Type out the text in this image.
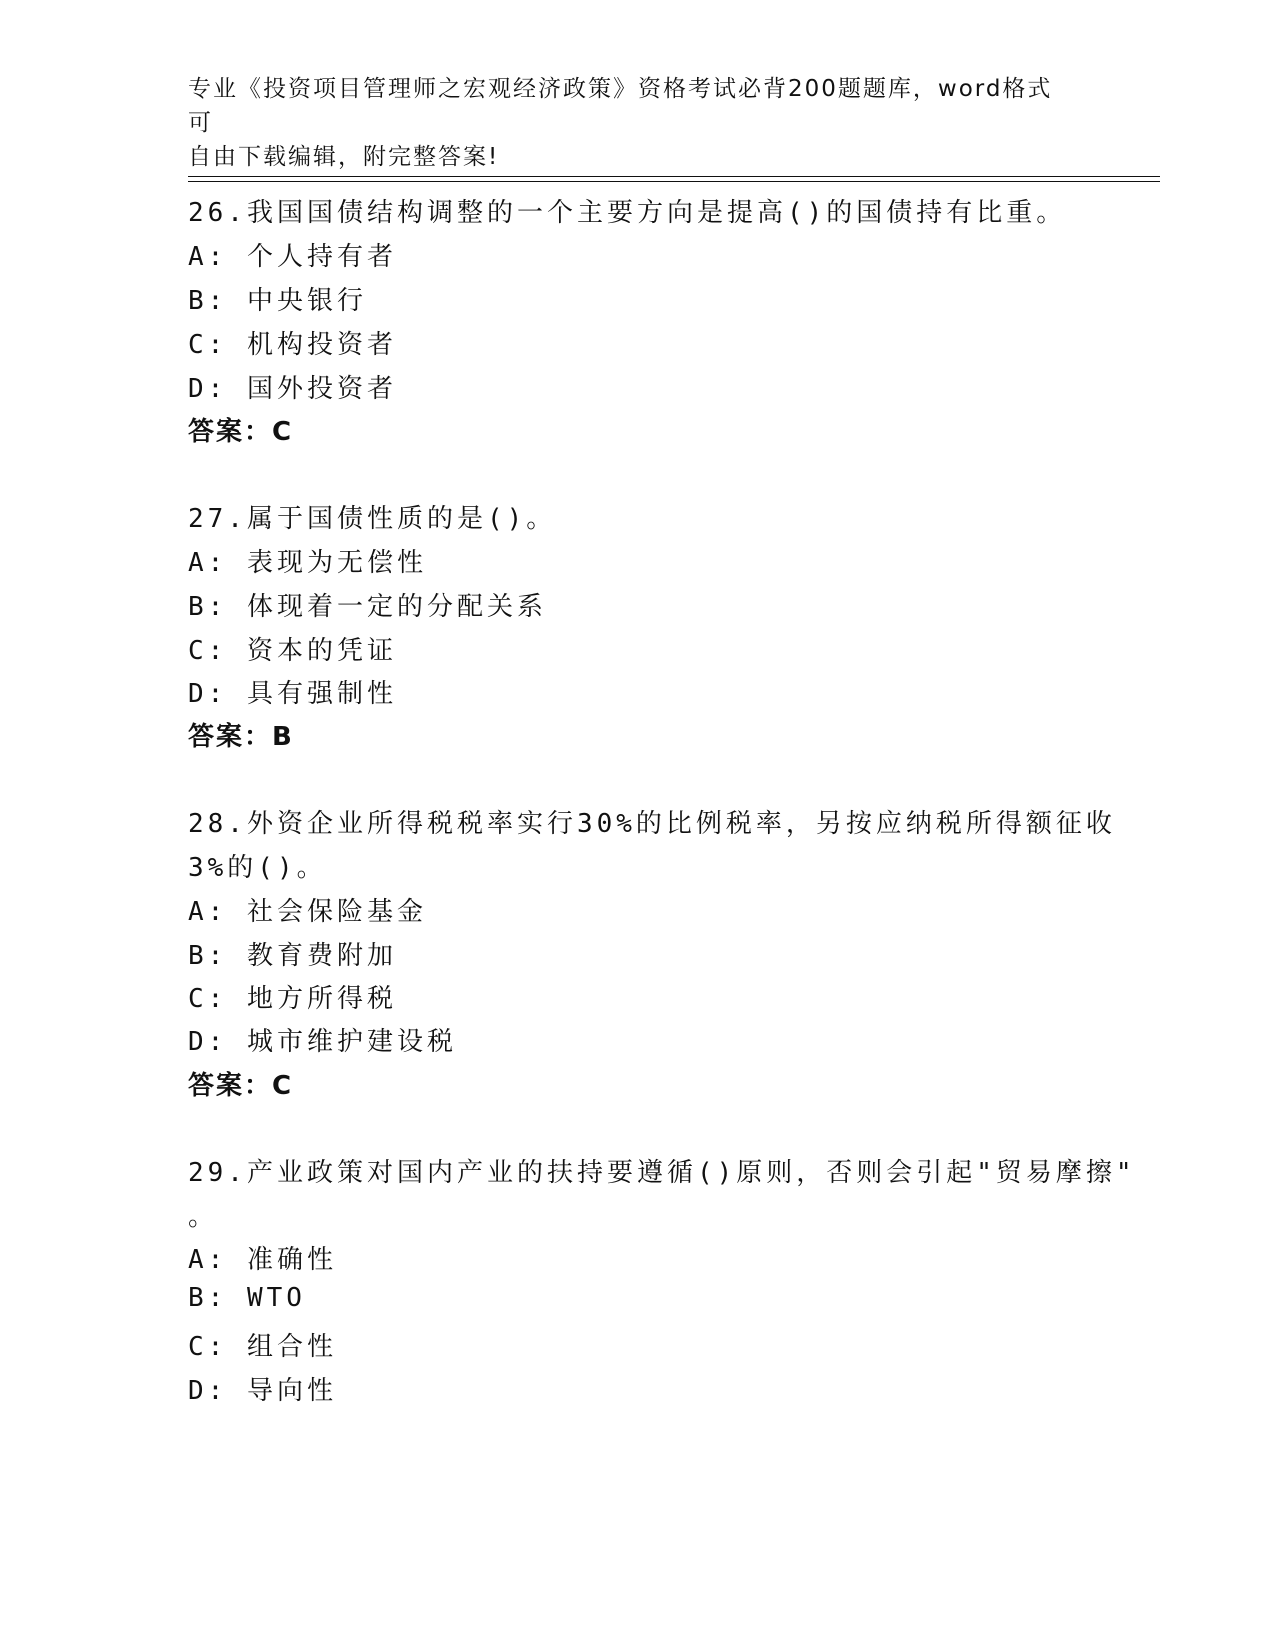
专业《投资项目管理师之宏观经济政策》资格考试必背200题题库，word格式可
自由下载编辑，附完整答案!
26.我国国债结构调整的一个主要方向是提高()的国债持有比重。
A: 个人持有者
B: 中央银行
C: 机构投资者
D: 国外投资者
答案：C
27.属于国债性质的是()。
A: 表现为无偿性
B: 体现着一定的分配关系
C: 资本的凭证
D: 具有强制性
答案：B
28.外资企业所得税税率实行30%的比例税率，另按应纳税所得额征收
3%的()。
A: 社会保险基金
B: 教育费附加
C: 地方所得税
D: 城市维护建设税
答案：C
29.产业政策对国内产业的扶持要遵循()原则，否则会引起"贸易摩擦"
。
A: 准确性
B: WTO
C: 组合性
D: 导向性
